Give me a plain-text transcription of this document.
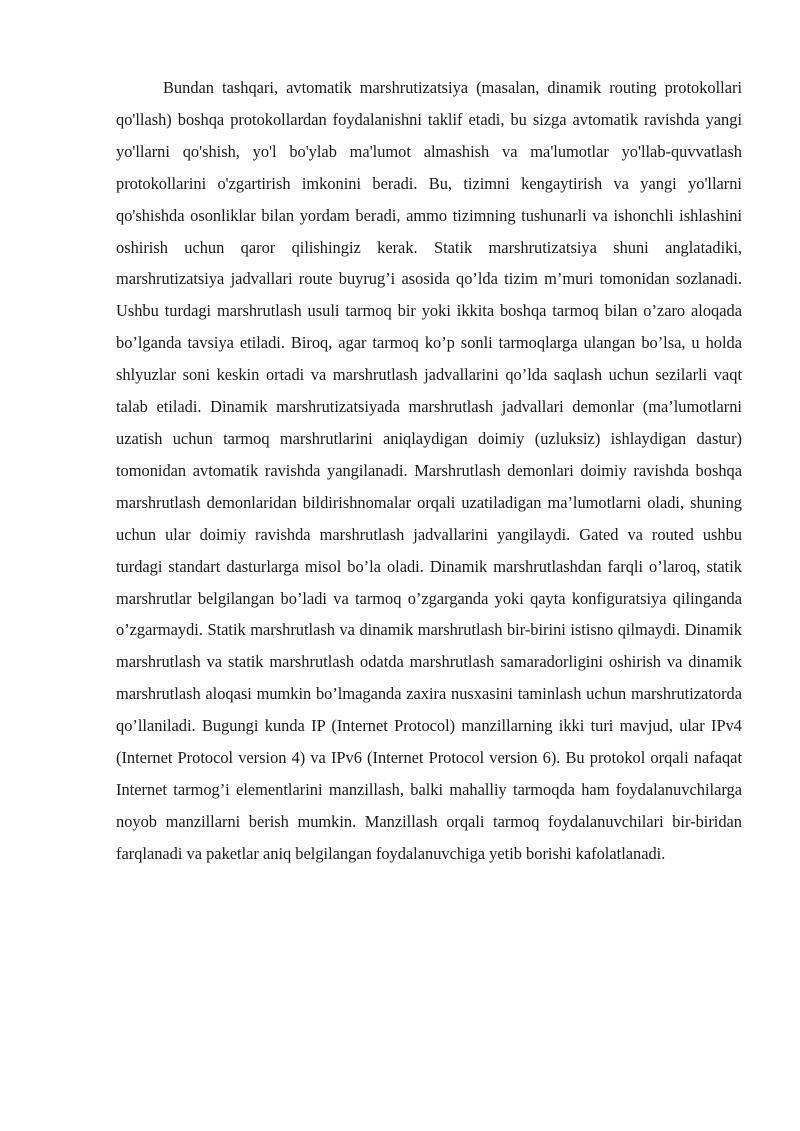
Bundan tashqari, avtomatik marshrutizatsiya (masalan, dinamik routing protokollari qo'llash) boshqa protokollardan foydalanishni taklif etadi, bu sizga avtomatik ravishda yangi yo'llarni qo'shish, yo'l bo'ylab ma'lumot almashish va ma'lumotlar yo'llab-quvvatlash protokollarini o'zgartirish imkonini beradi. Bu, tizimni kengaytirish va yangi yo'llarni qo'shishda osonliklar bilan yordam beradi, ammo tizimning tushunarli va ishonchli ishlashini oshirish uchun qaror qilishingiz kerak. Statik marshrutizatsiya shuni anglatadiki, marshrutizatsiya jadvallari route buyrug’i asosida qo’lda tizim m’muri tomonidan sozlanadi. Ushbu turdagi marshrutlash usuli tarmoq bir yoki ikkita boshqa tarmoq bilan o’zaro aloqada bo’lganda tavsiya etiladi. Biroq, agar tarmoq ko’p sonli tarmoqlarga ulangan bo’lsa, u holda shlyuzlar soni keskin ortadi va marshrutlash jadvallarini qo’lda saqlash uchun sezilarli vaqt talab etiladi. Dinamik marshrutizatsiyada marshrutlash jadvallari demonlar (ma’lumotlarni uzatish uchun tarmoq marshrutlarini aniqlaydigan doimiy (uzluksiz) ishlaydigan dastur) tomonidan avtomatik ravishda yangilanadi. Marshrutlash demonlari doimiy ravishda boshqa marshrutlash demonlaridan bildirishnomalar orqali uzatiladigan ma’lumotlarni oladi, shuning uchun ular doimiy ravishda marshrutlash jadvallarini yangilaydi. Gated va routed ushbu turdagi standart dasturlarga misol bo’la oladi. Dinamik marshrutlashdan farqli o’laroq, statik marshrutlar belgilangan bo’ladi va tarmoq o’zgarganda yoki qayta konfiguratsiya qilinganda o’zgarmaydi. Statik marshrutlash va dinamik marshrutlash bir-birini istisno qilmaydi. Dinamik marshrutlash va statik marshrutlash odatda marshrutlash samaradorligini oshirish va dinamik marshrutlash aloqasi mumkin bo’lmaganda zaxira nusxasini taminlash uchun marshrutizatorda qo’llaniladi. Bugungi kunda IP (Internet Protocol) manzillarning ikki turi mavjud, ular IPv4 (Internet Protocol version 4) va IPv6 (Internet Protocol version 6). Bu protokol orqali nafaqat Internet tarmog’i elementlarini manzillash, balki mahalliy tarmoqda ham foydalanuvchilarga noyob manzillarni berish mumkin. Manzillash orqali tarmoq foydalanuvchilari bir-biridan farqlanadi va paketlar aniq belgilangan foydalanuvchiga yetib borishi kafolatlanadi.
